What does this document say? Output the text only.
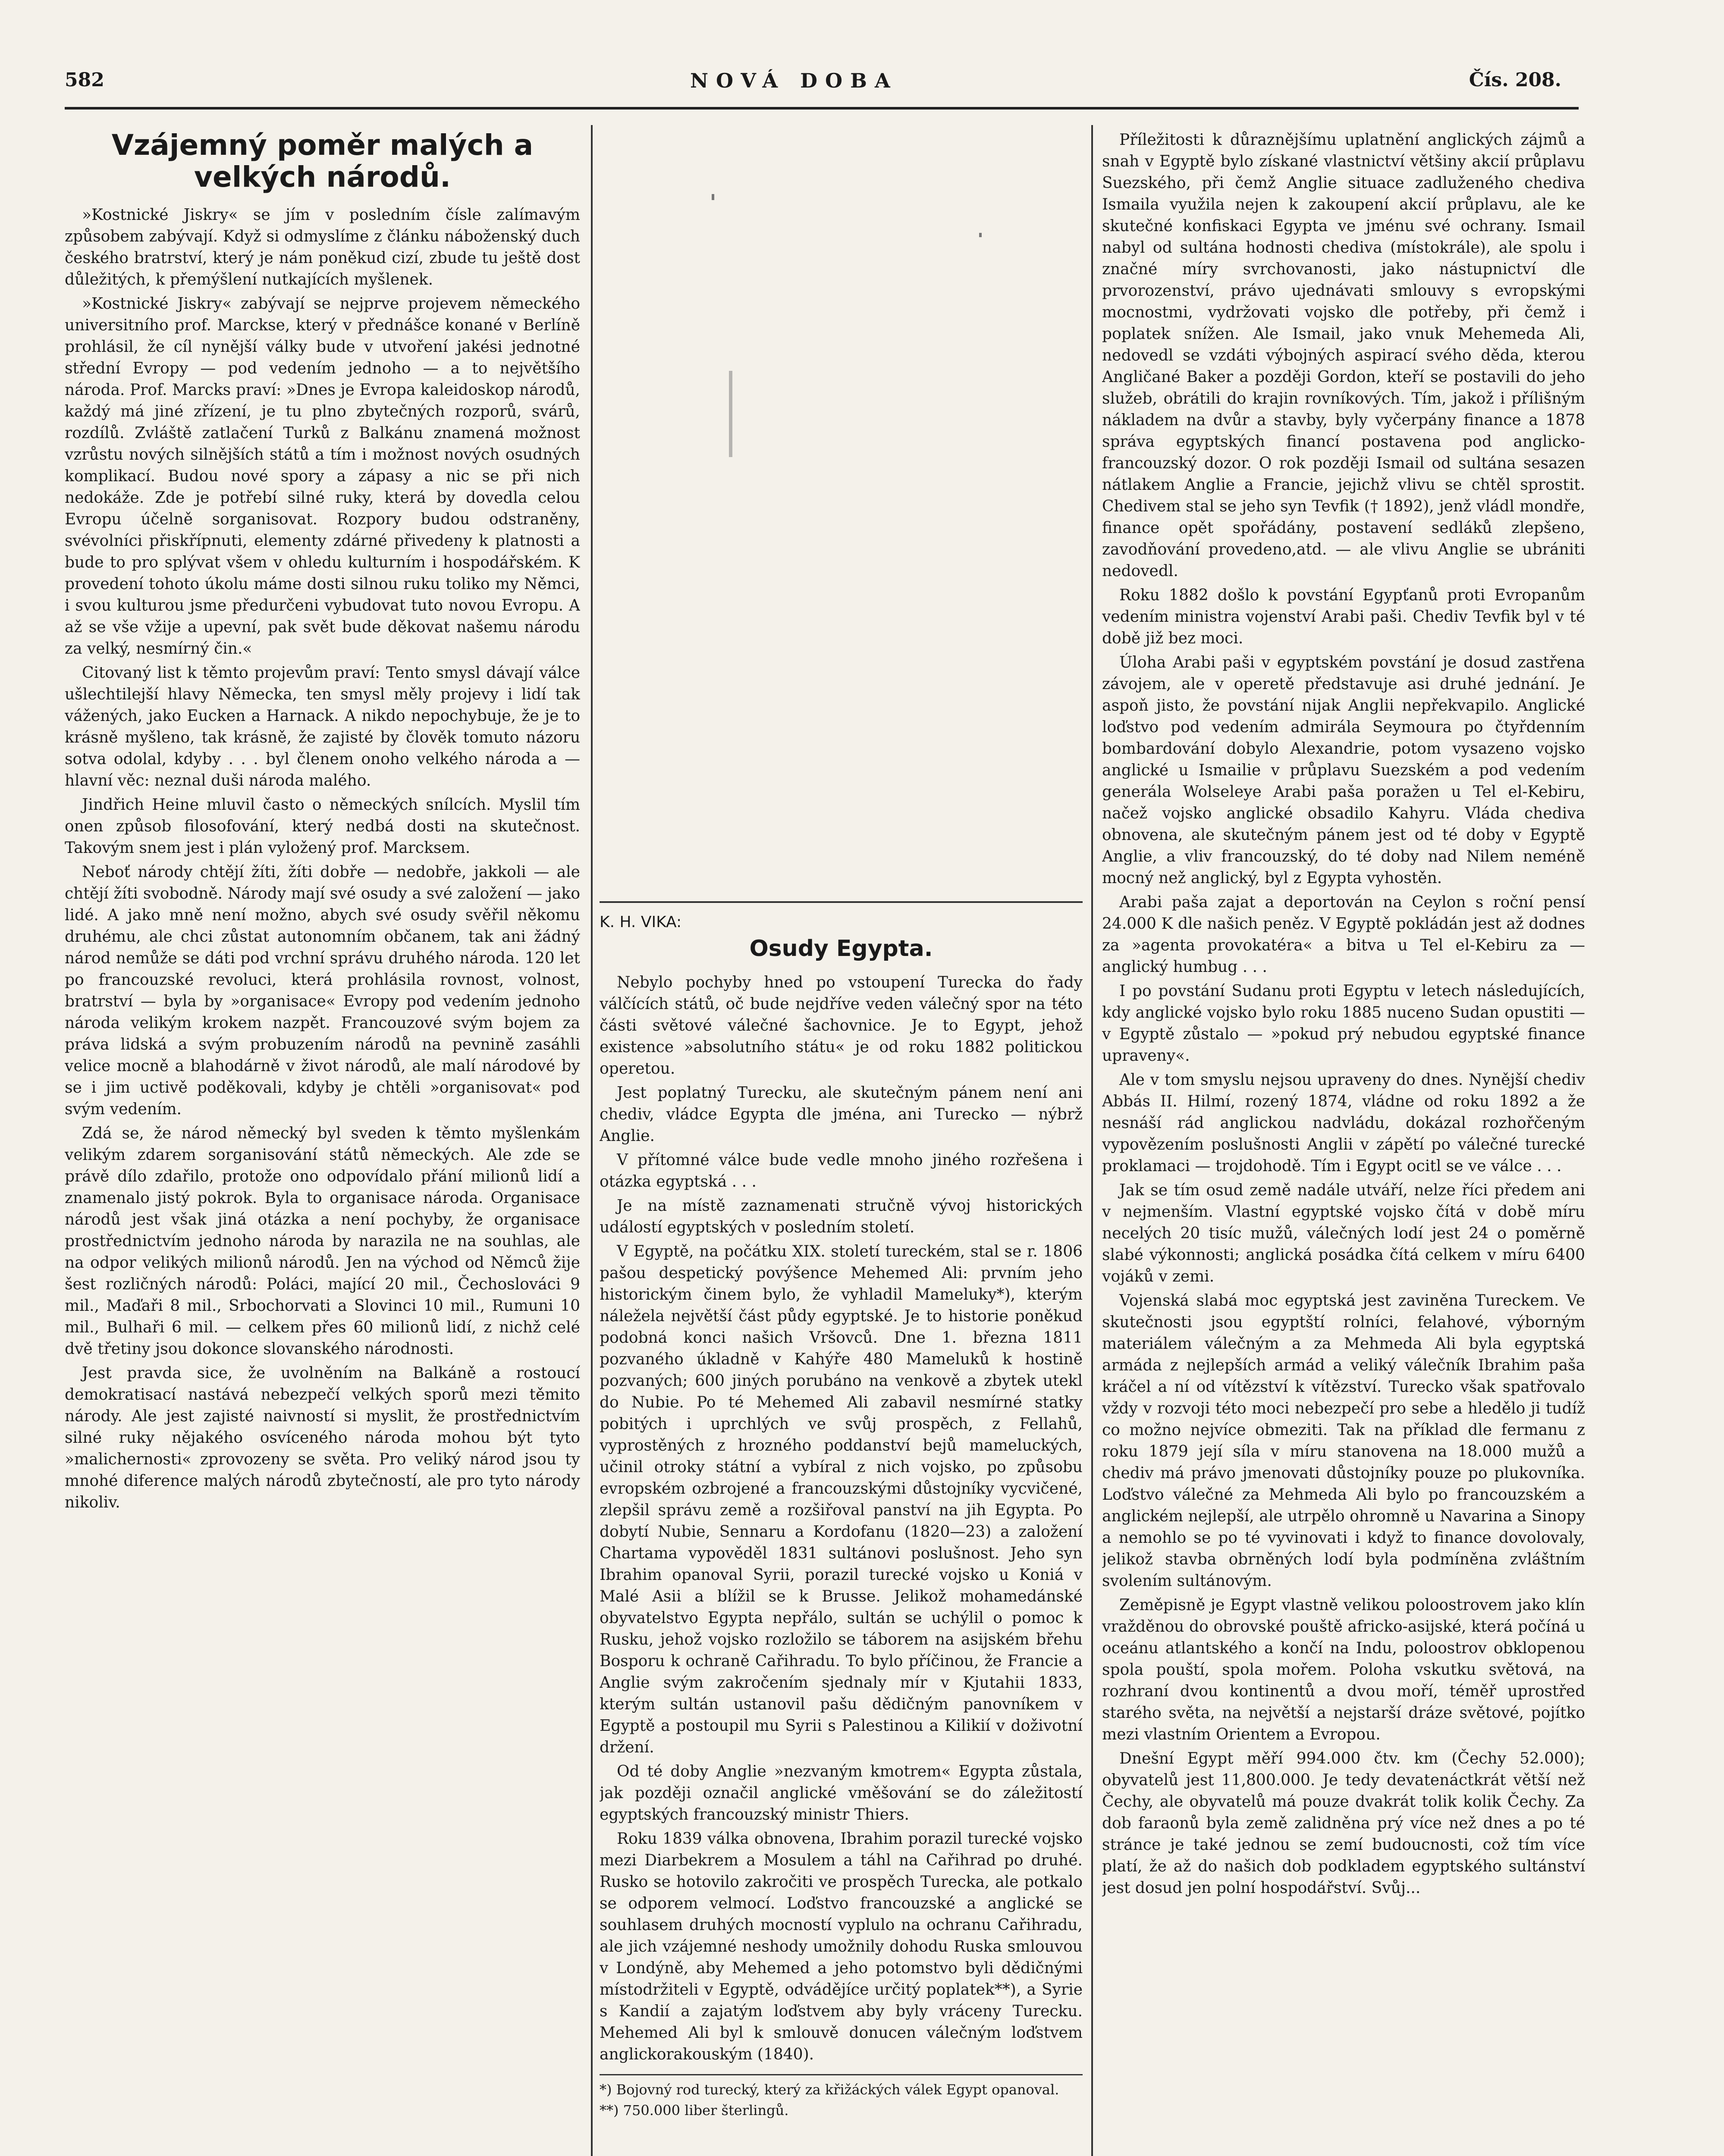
582	NOVÁ DOBA	Čís. 208.
Vzájemný poměr malých a velkých národů.

»Kostnické Jiskry« se jím v posledním čísle zalímavým způsobem zabývají. Když si odmyslíme z článku náboženský duch českého bratrství, který je nám poněkud cizí, zbude tu ještě dost důležitých, k přemýšlení nutkajících myšlenek.

»Kostnické Jiskry« zabývají se nejprve projevem německého universitního prof. Marckse, který v přednášce konané v Berlíně prohlásil, že cíl nynější války bude v utvoření jakési jednotné střední Evropy — pod vedením jednoho — a to největšího národa. Prof. Marcks praví: »Dnes je Evropa kaleidoskop národů, každý má jiné zřízení, je tu plno zbytečných rozporů, svárů, rozdílů. Zvláště zatlačení Turků z Balkánu znamená možnost vzrůstu nových silnějších států a tím i možnost nových osudných komplikací. Budou nové spory a zápasy a nic se při nich nedokáže. Zde je potřebí silné ruky, která by dovedla celou Evropu účelně sorganisovat. Rozpory budou odstraněny, svévolníci přiskřípnuti, elementy zdárné přivedeny k platnosti a bude to pro splývat všem v ohledu kulturním i hospodářském. K provedení tohoto úkolu máme dosti silnou ruku toliko my Němci, i svou kulturou jsme předurčeni vybudovat tuto novou Evropu. A až se vše vžije a upevní, pak svět bude děkovat našemu národu za velký, nesmírný čin.«

Citovaný list k těmto projevům praví: Tento smysl dávají válce ušlechtilejší hlavy Německa, ten smysl měly projevy i lidí tak vážených, jako Eucken a Harnack. A nikdo nepochybuje, že je to krásně myšleno, tak krásně, že zajisté by člověk tomuto názoru sotva odolal, kdyby . . . byl členem onoho velkého národa a — hlavní věc: neznal duši národa malého.

Jindřich Heine mluvil často o německých snílcích. Myslil tím onen způsob filosofování, který nedbá dosti na skutečnost. Takovým snem jest i plán vyložený prof. Marcksem.

Neboť národy chtějí žíti, žíti dobře — nedobře, jakkoli — ale chtějí žíti svobodně. Národy mají své osudy a své založení — jako lidé. A jako mně není možno, abych své osudy svěřil někomu druhému, ale chci zůstat autonomním občanem, tak ani žádný národ nemůže se dáti pod vrchní správu druhého národa. 120 let po francouzské revoluci, která prohlásila rovnost, volnost, bratrství — byla by »organisace« Evropy pod vedením jednoho národa velikým krokem nazpět. Francouzové svým bojem za práva lidská a svým probuzením národů na pevnině zasáhli velice mocně a blahodárně v život národů, ale malí národové by se i jim uctivě poděkovali, kdyby je chtěli »organisovat« pod svým vedením.

Zdá se, že národ německý byl sveden k těmto myšlenkám velikým zdarem sorganisování států německých. Ale zde se právě dílo zdařilo, protože ono odpovídalo přání milionů lidí a znamenalo jistý pokrok. Byla to organisace národa. Organisace národů jest však jiná otázka a není pochyby, že organisace prostřednictvím jednoho národa by narazila ne na souhlas, ale na odpor velikých milionů národů. Jen na východ od Němců žije šest rozličných národů: Poláci, mající 20 mil., Čechoslováci 9 mil., Maďaři 8 mil., Srbochorvati a Slovinci 10 mil., Rumuni 10 mil., Bulhaři 6 mil. — celkem přes 60 milionů lidí, z nichž celé dvě třetiny jsou dokonce slovanského národnosti.

Jest pravda sice, že uvolněním na Balkáně a rostoucí demokratisací nastává nebezpečí velkých sporů mezi těmito národy. Ale jest zajisté naivností si myslit, že prostřednictvím silné ruky nějakého osvíceného národa mohou být tyto »malichernosti« zprovozeny se světa. Pro veliký národ jsou ty mnohé diference malých národů zbytečností, ale pro tyto národy nikoliv.

K. H. VIKA:

Osudy Egypta.

Nebylo pochyby hned po vstoupení Turecka do řady válčících států, oč bude nejdříve veden válečný spor na této části světové válečné šachovnice. Je to Egypt, jehož existence »absolutního státu« je od roku 1882 politickou operetou.

Jest poplatný Turecku, ale skutečným pánem není ani chediv, vládce Egypta dle jména, ani Turecko — nýbrž Anglie.

V přítomné válce bude vedle mnoho jiného rozřešena i otázka egyptská . . .

Je na místě zaznamenati stručně vývoj historických událostí egyptských v posledním století.

V Egyptě, na počátku XIX. století tureckém, stal se r. 1806 pašou despetický povýšence Mehemed Ali: prvním jeho historickým činem bylo, že vyhladil Mameluky*), kterým náleželа největší část půdy egyptské. Je to historie poněkud podobná konci našich Vršovců. Dne 1. března 1811 pozvaného úkladně v Kahýře 480 Mameluků k hostině pozvaných; 600 jiných porubáno na venkově a zbytek utekl do Nubie. Po té Mehemed Ali zabavil nesmírné statky pobitých i uprchlých ve svůj prospěch, z Fellahů, vyprostěných z hrozného poddanství bejů mameluckých, učinil otroky státní a vybíral z nich vojsko, po způsobu evropském ozbrojené a francouzskými důstojníky vycvičené, zlepšil správu země a rozšiřoval panství na jih Egypta. Po dobytí Nubie, Sennaru a Kordofanu (1820—23) a založení Chartama vypověděl 1831 sultánovi poslušnost. Jeho syn Ibrahim opanoval Syrii, porazil turecké vojsko u Koniá v Malé Asii a blížil se k Brusse. Jelikož mohamedánské obyvatelstvo Egypta nepřálo, sultán se uchýlil o pomoc k Rusku, jehož vojsko rozložilo se táborem na asijském břehu Bosporu k ochraně Cařihradu. To bylo příčinou, že Francie a Anglie svým zakročením sjednaly mír v Kjutahii 1833, kterým sultán ustanovil pašu dědičným panovníkem v Egyptě a postoupil mu Syrii s Palestinou a Kilikií v doživotní držení.

Od té doby Anglie »nezvaným kmotrem« Egypta zůstala, jak později označil anglické vměšování se do záležitostí egyptských francouzský ministr Thiers.

Roku 1839 válka obnovena, Ibrahim porazil turecké vojsko mezi Diarbekrem a Mosulem a táhl na Cařihrad po druhé. Rusko se hotovilo zakročiti ve prospěch Turecka, ale potkalo se odporem velmocí. Loďstvo francouzské a anglické se souhlasem druhých mocností vyplulo na ochranu Cařihradu, ale jich vzájemné neshody umožnily dohodu Ruska smlouvou v Londýně, aby Mehemed a jeho potomstvo byli dědičnými místodržiteli v Egyptě, odvádějíce určitý poplatek**), a Syrie s Kandií a zajatým loďstvem aby byly vráceny Turecku. Mehemed Ali byl k smlouvě donucen válečným loďstvem anglickorakouským (1840).

*) Bojovný rod turecký, který za křižáckých válek Egypt opanoval.

**) 750.000 liber šterlingů.

Příležitosti k důraznějšímu uplatnění anglických zájmů a snah v Egyptě bylo získané vlastnictví většiny akcií průplavu Suezského, při čemž Anglie situace zadluženého chediva Ismaila využila nejen k zakoupení akcií průplavu, ale ke skutečné konfiskaci Egypta ve jménu své ochrany. Ismail nabyl od sultána hodnosti chediva (místokrále), ale spolu i značné míry svrchovanosti, jako nástupnictví dle prvorozenství, právo ujednávati smlouvy s evropskými mocnostmi, vydržovati vojsko dle potřeby, při čemž i poplatek snížen. Ale Ismail, jako vnuk Mehemeda Ali, nedovedl se vzdáti výbojných aspirací svého děda, kterou Angličané Baker a později Gordon, kteří se postavili do jeho služeb, obrátili do krajin rovníkových. Tím, jakož i přílišným nákladem na dvůr a stavby, byly vyčerpány finance a 1878 správa egyptských financí postavena pod anglicko-francouzský dozor. O rok později Ismail od sultána sesazen nátlakem Anglie a Francie, jejichž vlivu se chtěl sprostit. Chedivem stal se jeho syn Tevfik († 1892), jenž vládl mondře, finance opět spořádány, postavení sedláků zlepšeno, zavodňování provedeno,atd. — ale vlivu Anglie se ubrániti nedovedl.

Roku 1882 došlo k povstání Egypťanů proti Evropanům vedením ministra vojenství Arabi paši. Chediv Tevfik byl v té době již bez moci.

Úloha Arabi paši v egyptském povstání je dosud zastřena závojem, ale v operetě představuje asi druhé jednání. Je aspoň jisto, že povstání nijak Anglii nepřekvapilo. Anglické loďstvo pod vedením admirála Seymoura po čtyřdenním bombardování dobylo Alexandrie, potom vysazeno vojsko anglické u Ismailie v průplavu Suezském a pod vedením generála Wolseleye Arabi paša poražen u Tel el-Kebiru, načež vojsko anglické obsadilo Kahyru. Vláda chediva obnovena, ale skutečným pánem jest od té doby v Egyptě Anglie, a vliv francouzský, do té doby nad Nilem neméně mocný než anglický, byl z Egypta vyhostěn.

Arabi paša zajat a deportován na Ceylon s roční pensí 24.000 K dle našich peněz. V Egyptě pokládán jest až dodnes za »agenta provokatéra« a bitva u Tel el-Kebiru za — anglický humbug . . .

I po povstání Sudanu proti Egyptu v letech následujících, kdy anglické vojsko bylo roku 1885 nuceno Sudan opustiti — v Egyptě zůstalo — »pokud prý nebudou egyptské finance upraveny«.

Ale v tom smyslu nejsou upraveny do dnes. Nynější chediv Abbás II. Hilmí, rozený 1874, vládne od roku 1892 a že nesnáší rád anglickou nadvládu, dokázal rozhořčeným vypovězením poslušnosti Anglii v zápětí po válečné turecké proklamaci — trojdohodě. Tím i Egypt ocitl se ve válce . . .

Jak se tím osud země nadále utváří, nelze říci předem ani v nejmenším. Vlastní egyptské vojsko čítá v době míru necelých 20 tisíc mužů, válečných lodí jest 24 o poměrně slabé výkonnosti; anglická posádka čítá celkem v míru 6400 vojáků v zemi.

Vojenská slabá moc egyptská jest zaviněna Tureckem. Ve skutečnosti jsou egyptští rolníci, felahové, výborným materiálem válečným a za Mehmeda Ali byla egyptská armáda z nejlepších armád a veliký válečník Ibrahim paša kráčel a ní od vítězství k vítězství. Turecko však spatřovalo vždy v rozvoji této moci nebezpečí pro sebe a hledělo ji tudíž co možno nejvíce obmeziti. Tak na příklad dle fermanu z roku 1879 její síla v míru stanovena na 18.000 mužů a chediv má právo jmenovati důstojníky pouze po plukovníka. Loďstvo válečné za Mehmeda Ali bylo po francouzském a anglickém nejlepší, ale utrpělo ohromně u Navarina a Sinopy a nemohlo se po té vyvinovati i když to finance dovolovaly, jelikož stavba obrněných lodí byla podmíněna zvláštním svolením sultánovým.

Zeměpisně je Egypt vlastně velikou poloostrovem jako klín vražděnou do obrovské pouště africko-asijské, která počíná u oceánu atlantského a končí na Indu, poloostrov obklopenou spola pouští, spola mořem. Poloha vskutku světová, na rozhraní dvou kontinentů a dvou moří, téměř uprostřed starého světa, na největší a nejstarší dráze světové, pojítko mezi vlastním Orientem a Evropou.

Dnešní Egypt měří 994.000 čtv. km (Čechy 52.000); obyvatelů jest 11,800.000. Je tedy devatenáctkrát větší než Čechy, ale obyvatelů má pouze dvakrát tolik kolik Čechy. Za dob faraonů byla země zalidněna prý více než dnes a po té stránce je také jednou se zemí budoucnosti, což tím více platí, že až do našich dob podkladem egyptského sultánství jest dosud jen polní hospodářství. Svůj...
